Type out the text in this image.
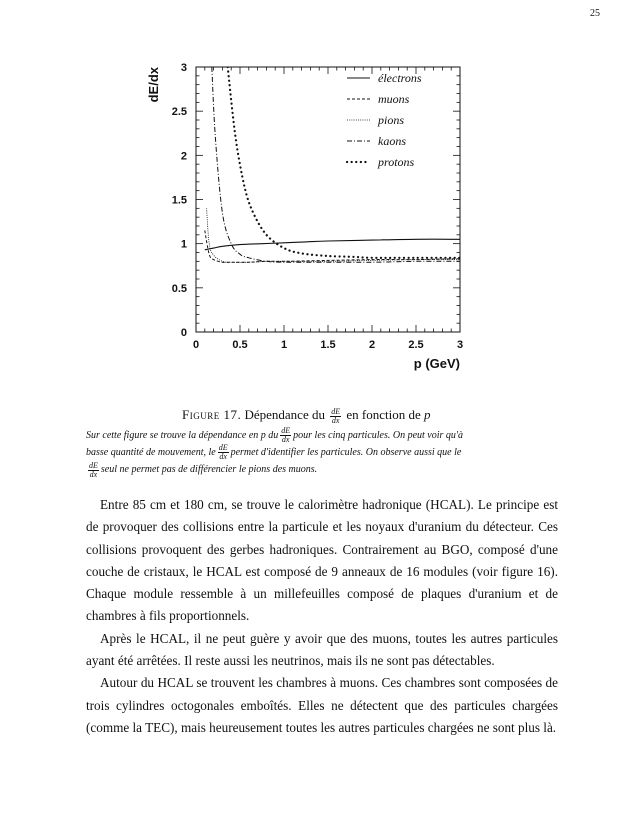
25
0	0.5	1	1.5	2	2.5	3
0
0.5
1
1.5
2
2.5
3
p (GeV)
dE/dx	électrons
muons
pions
kaons
protons
Figure 17. Dépendance du $\frac{dE}{dx}$ en fonction de p

Sur cette figure se trouve la dépendance en p du $\frac{dE}{dx}$ pour les cinq particules. On peut voir qu'à

basse quantité de mouvement, le $\frac{dE}{dx}$ permet d'identifier les particules. On observe aussi que le

$\frac{dE}{dx}$ seul ne permet pas de différencier le pions des muons.

Entre 85 cm et 180 cm, se trouve le calorimètre hadronique (HCAL). Le principe est de provoquer des collisions entre la particule et les noyaux d'uranium du détecteur. Ces collisions provoquent des gerbes hadroniques. Contrairement au BGO, composé d'une couche de cristaux, le HCAL est composé de 9 anneaux de 16 modules (voir figure 16). Chaque module ressemble à un millefeuilles composé de plaques d'uranium et de chambres à fils proportionnels.

Après le HCAL, il ne peut guère y avoir que des muons, toutes les autres particules ayant été arrêtées. Il reste aussi les neutrinos, mais ils ne sont pas détectables.

Autour du HCAL se trouvent les chambres à muons. Ces chambres sont composées de trois cylindres octogonales emboîtés. Elles ne détectent que des particules chargées (comme la TEC), mais heureusement toutes les autres particules chargées ne sont plus là.
